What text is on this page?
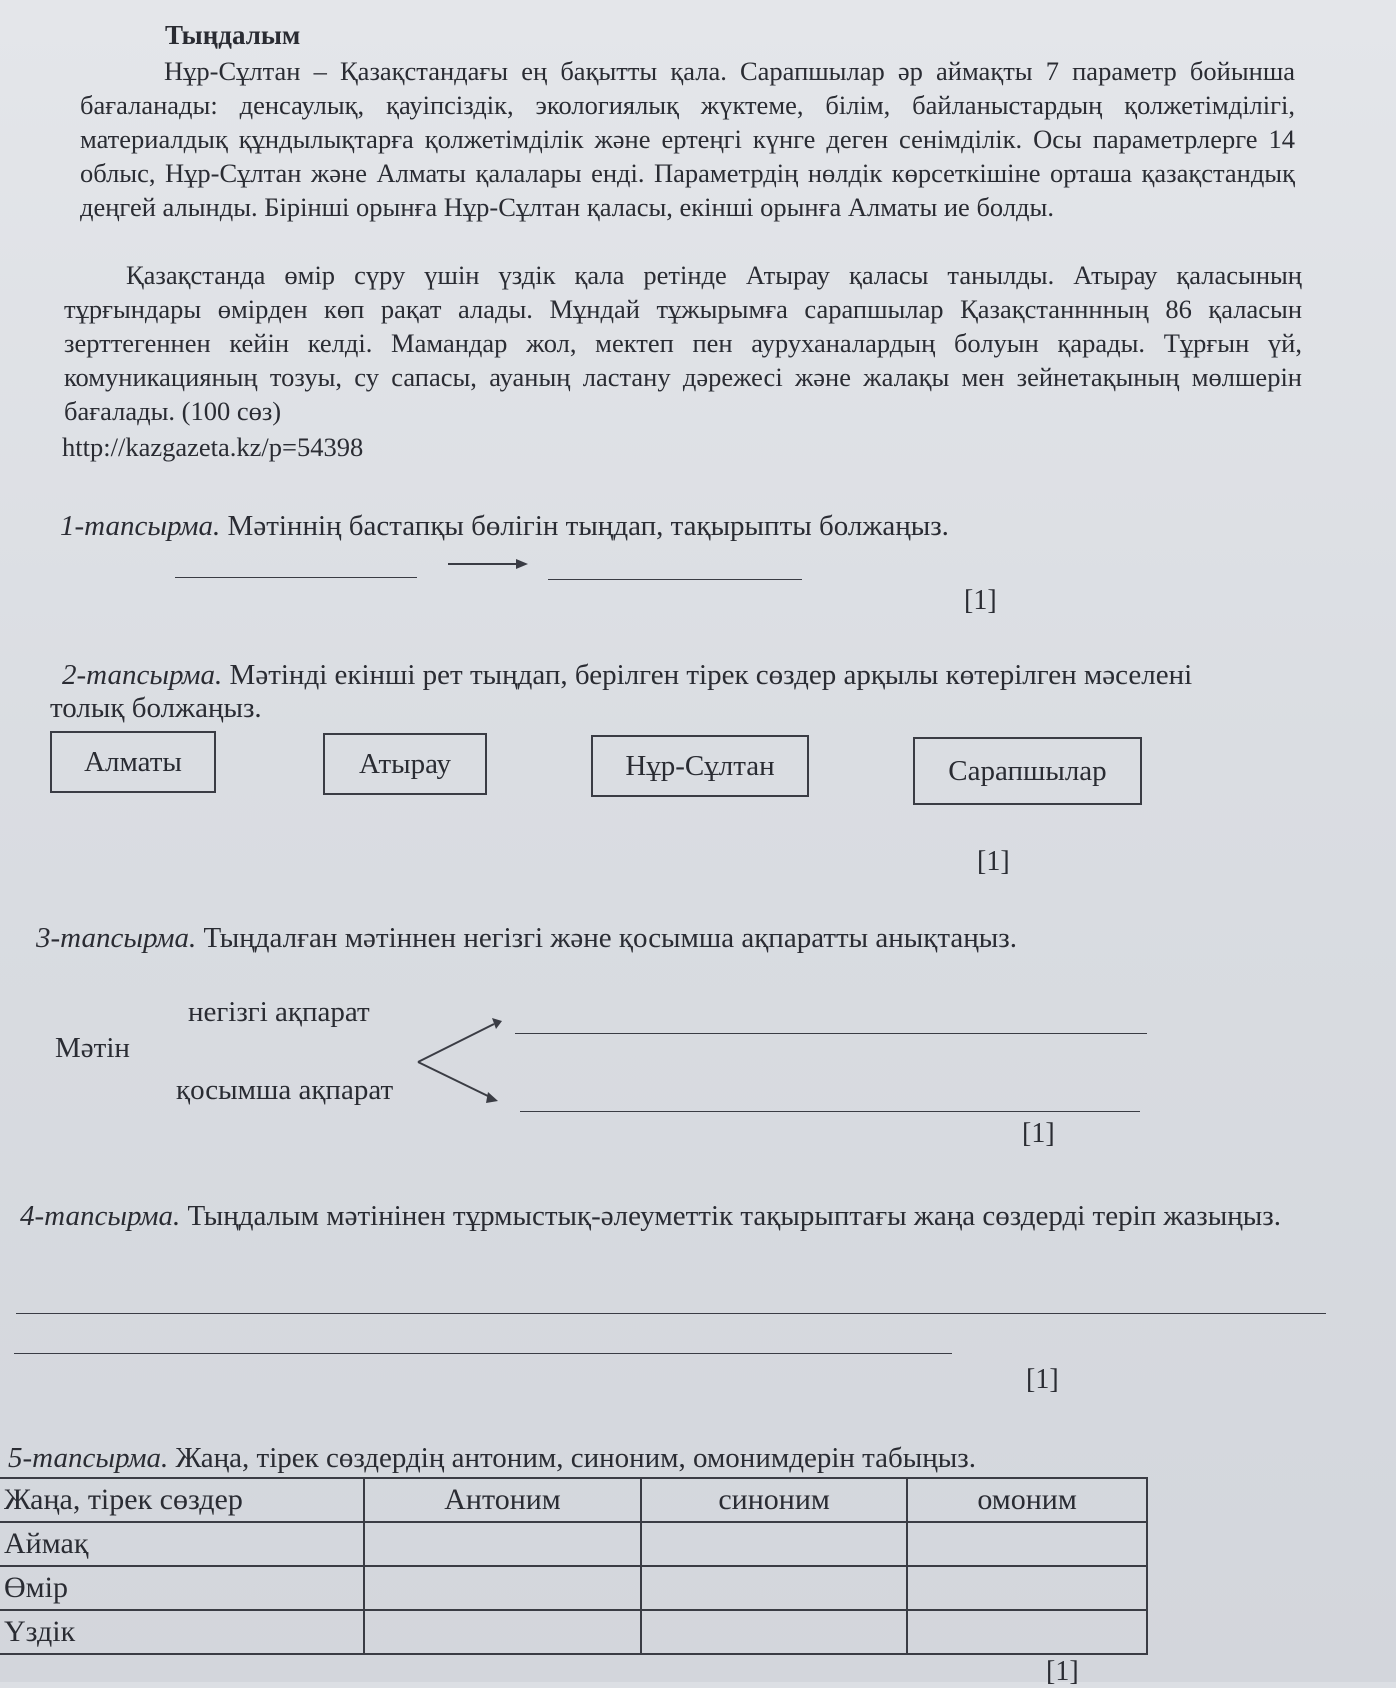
Тыңдалым
Нұр-Сұлтан – Қазақстандағы ең бақытты қала. Сарапшылар әр аймақты 7 параметр бойынша бағаланады: денсаулық, қауіпсіздік, экологиялық жүктеме, білім, байланыстардың қолжетімділігі, материалдық құндылықтарға қолжетімділік және ертеңгі күнге деген сенімділік. Осы параметрлерге 14 облыс, Нұр-Сұлтан және Алматы қалалары енді. Параметрдің нөлдік көрсеткішіне орташа қазақстандық деңгей алынды. Бірінші орынға Нұр-Сұлтан қаласы, екінші орынға Алматы ие болды.
Қазақстанда өмір сүру үшін үздік қала ретінде Атырау қаласы танылды. Атырау қаласының тұрғындары өмірден көп рақат алады. Мұндай тұжырымға сарапшылар Қазақстанннның 86 қаласын зерттегеннен кейін келді. Мамандар жол, мектеп пен ауруханалардың болуын қарады. Тұрғын үй, комуникацияның тозуы, су сапасы, ауаның ластану дәрежесі және жалақы мен зейнетақының мөлшерін бағалады. (100 сөз)
http://kazgazeta.kz/p=54398
1-тапсырма. Мәтіннің бастапқы бөлігін тыңдап, тақырыпты болжаңыз.
[1]
2-тапсырма. Мәтінді екінші рет тыңдап, берілген тірек сөздер арқылы көтерілген мәселені толық болжаңыз.
Алматы	Атырау	Нұр-Сұлтан	Сарапшылар
[1]
3-тапсырма. Тыңдалған мәтіннен негізгі және қосымша ақпаратты анықтаңыз.
Мәтін
негізгі ақпарат
қосымша ақпарат
[1]
4-тапсырма. Тыңдалым мәтінінен тұрмыстық-әлеуметтік тақырыптағы жаңа сөздерді теріп жазыңыз.
[1]
5-тапсырма. Жаңа, тірек сөздердің антоним, синоним, омонимдерін табыңыз.
Жаңа, тірек сөздер	Антоним	синоним	омоним
Аймақ			
Өмір			
Үздік			
[1]
